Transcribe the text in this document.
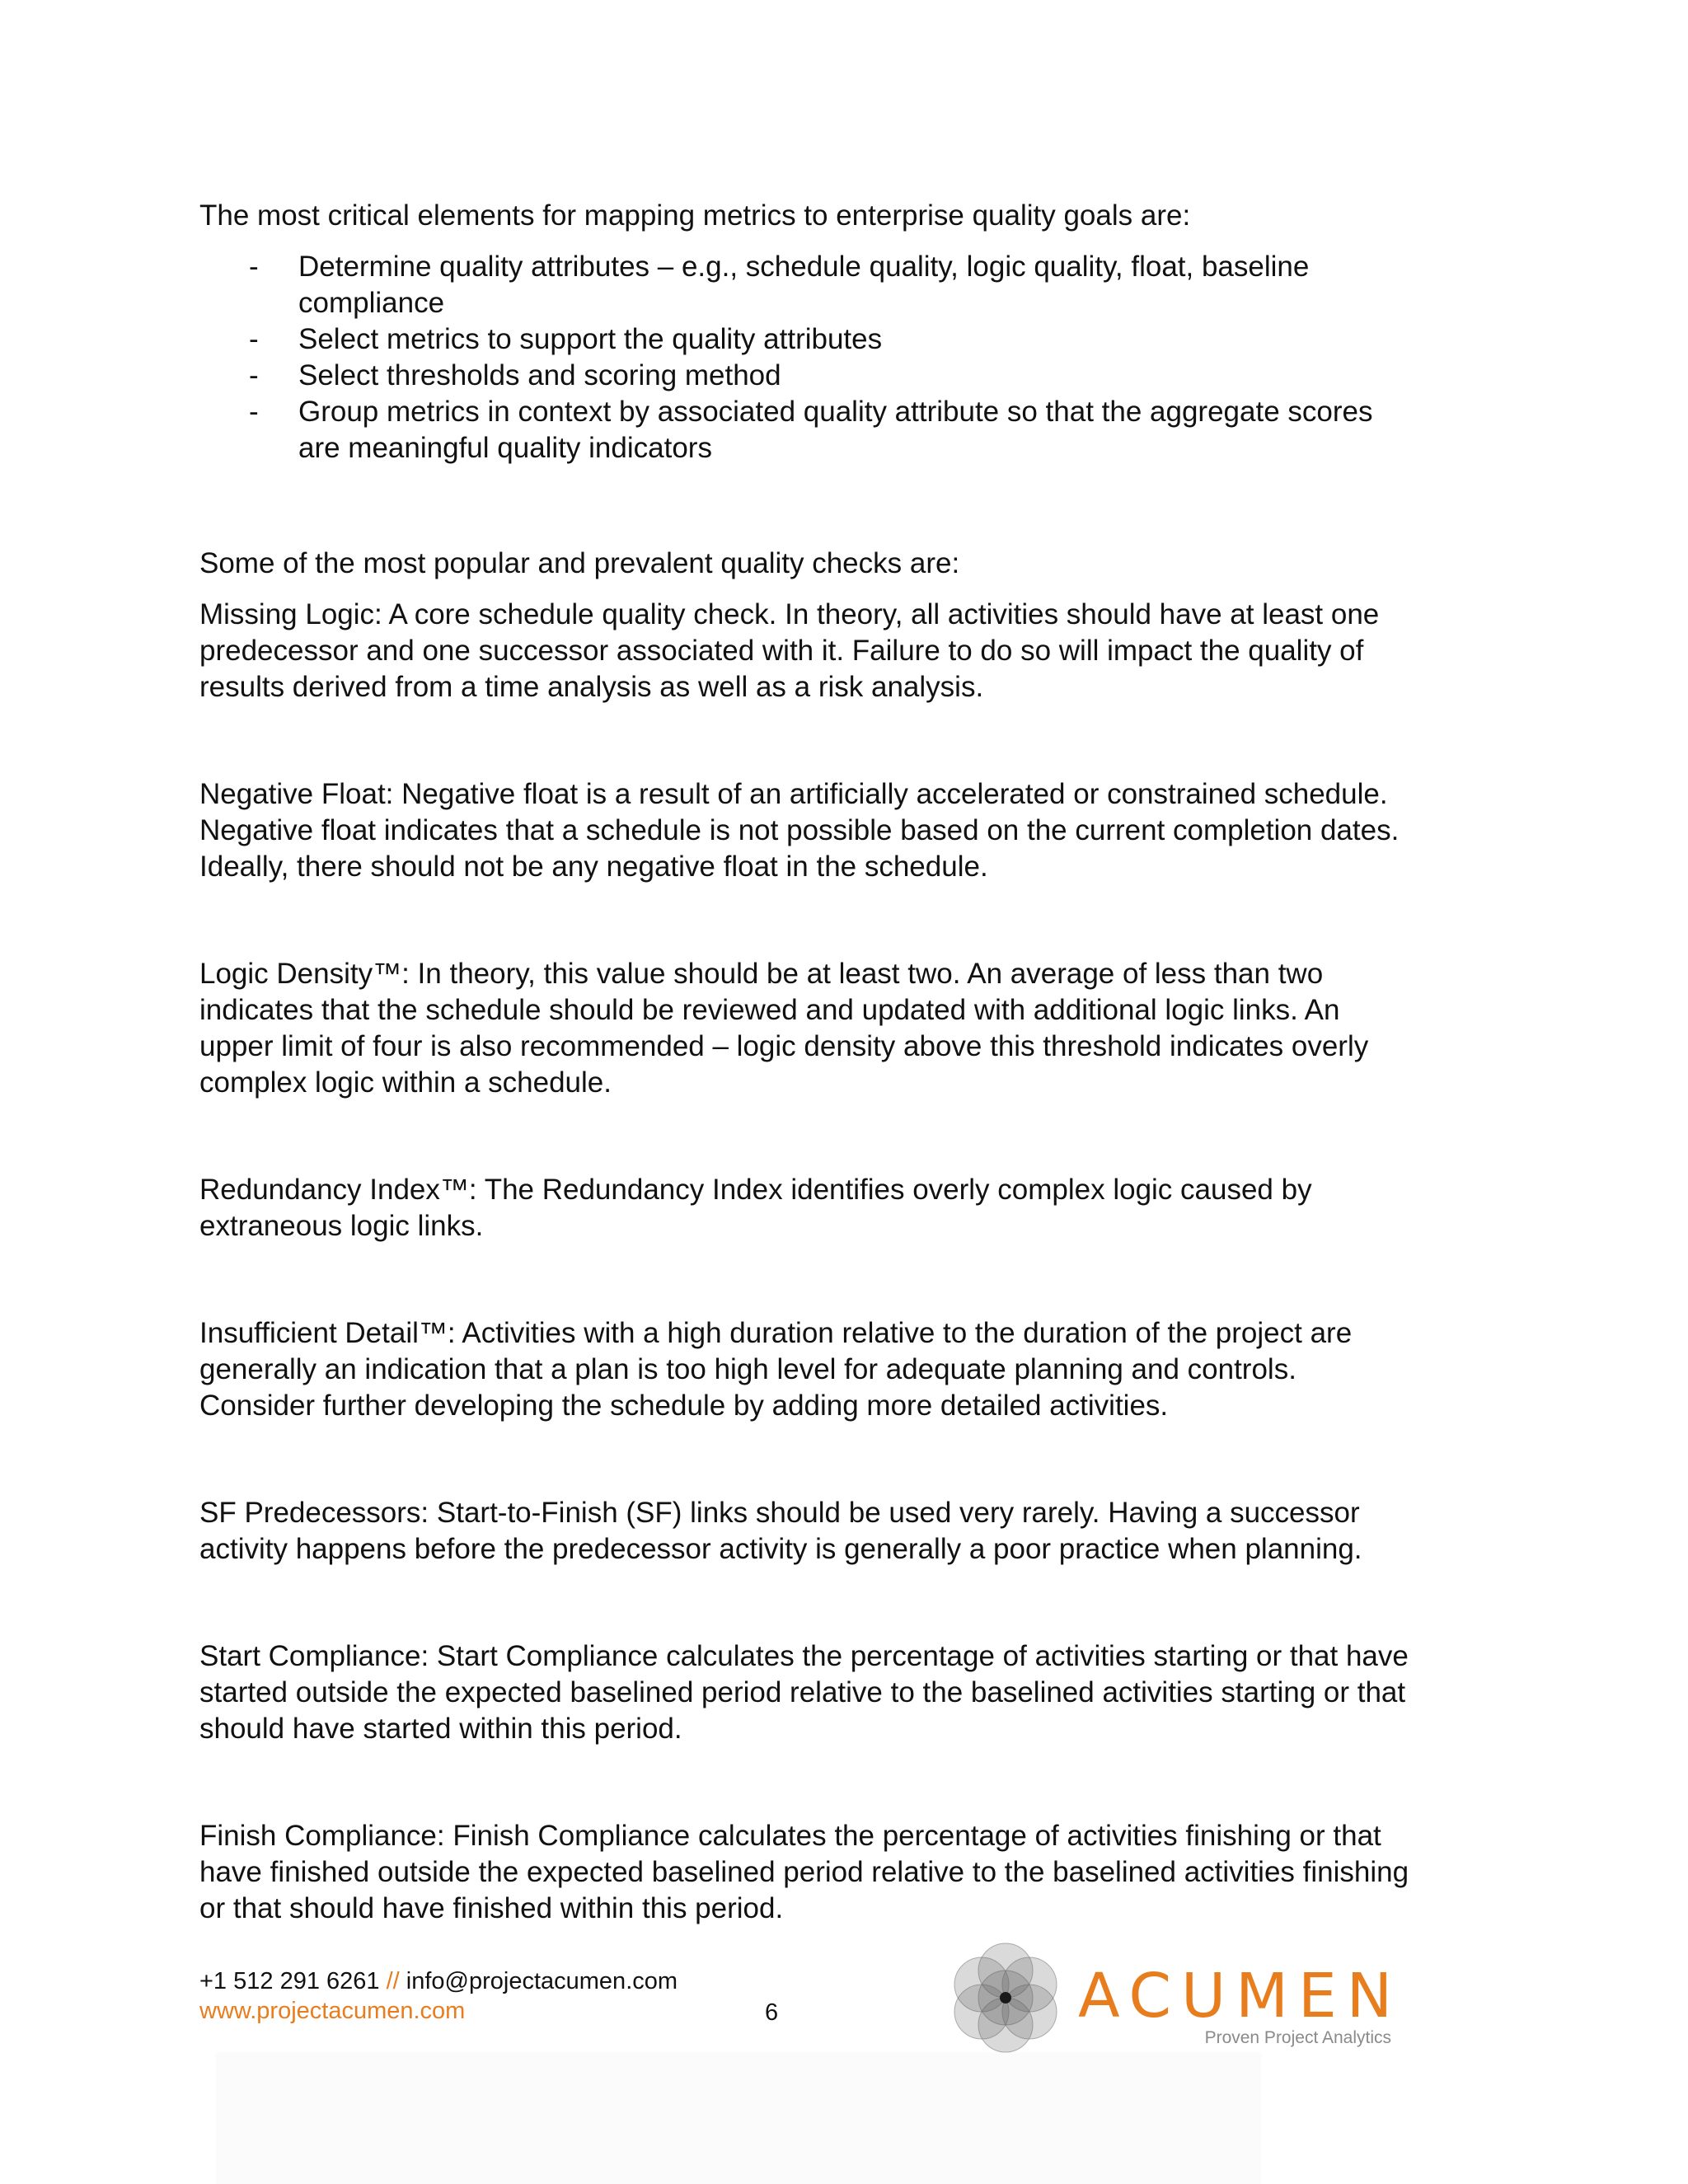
The most critical elements for mapping metrics to enterprise quality goals are:

- Determine quality attributes – e.g., schedule quality, logic quality, float, baseline
compliance
- Select metrics to support the quality attributes
- Select thresholds and scoring method
- Group metrics in context by associated quality attribute so that the aggregate scores
are meaningful quality indicators

Some of the most popular and prevalent quality checks are:

Missing Logic: A core schedule quality check. In theory, all activities should have at least one
predecessor and one successor associated with it. Failure to do so will impact the quality of
results derived from a time analysis as well as a risk analysis.
Negative Float: Negative float is a result of an artificially accelerated or constrained schedule.
Negative float indicates that a schedule is not possible based on the current completion dates.
Ideally, there should not be any negative float in the schedule.
Logic Density™: In theory, this value should be at least two. An average of less than two
indicates that the schedule should be reviewed and updated with additional logic links. An
upper limit of four is also recommended – logic density above this threshold indicates overly
complex logic within a schedule.
Redundancy Index™: The Redundancy Index identifies overly complex logic caused by
extraneous logic links.
Insufficient Detail™: Activities with a high duration relative to the duration of the project are
generally an indication that a plan is too high level for adequate planning and controls.
Consider further developing the schedule by adding more detailed activities.
SF Predecessors: Start-to-Finish (SF) links should be used very rarely. Having a successor
activity happens before the predecessor activity is generally a poor practice when planning.
Start Compliance: Start Compliance calculates the percentage of activities starting or that have
started outside the expected baselined period relative to the baselined activities starting or that
should have started within this period.
Finish Compliance: Finish Compliance calculates the percentage of activities finishing or that
have finished outside the expected baselined period relative to the baselined activities finishing
or that should have finished within this period.
+1 512 291 6261 // info@projectacumen.com
www.projectacumen.com	6	ACUMEN
Proven Project Analytics
